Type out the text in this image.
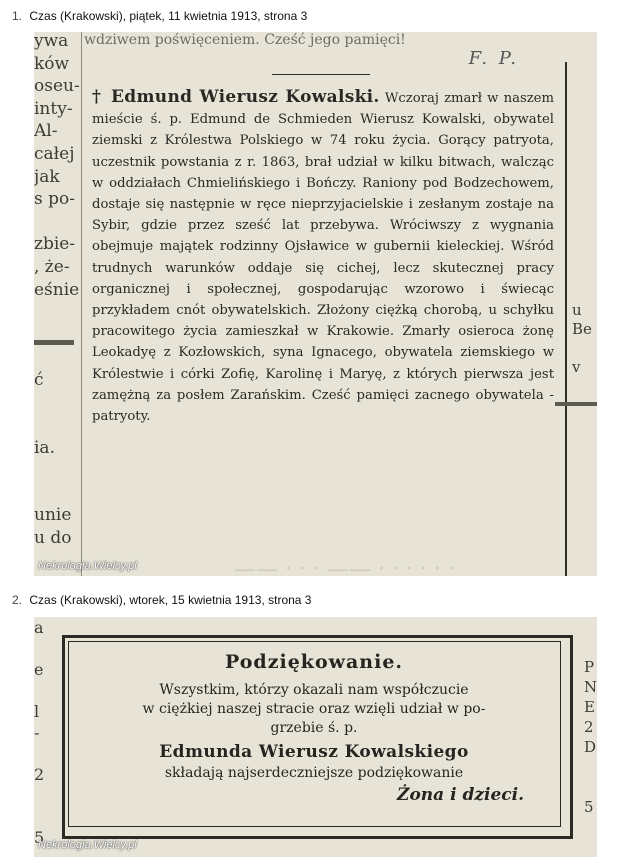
1. Czas (Krakowski), piątek, 11 kwietnia 1913, strona 3
wdziwem poświęceniem. Cześć jego pamięci!
F. P.
ywa
ków
oseu-
inty-
Al-
całej
jak
s po-

zbie-
, że-
eśnie

ć

ia.

unie
u do

u
Be

v
† Edmund Wierusz Kowalski. Wczoraj zmarł w naszem mieście ś. p. Edmund de Schmieden Wierusz Kowalski, obywatel ziemski z Królestwa Polskiego w 74 roku życia. Gorący patryota, uczestnik powstania z r. 1863, brał udział w kilku bitwach, walcząc w oddziałach Chmielińskiego i Bończy. Raniony pod Bodzechowem, dostaje się następnie w ręce nieprzyjacielskie i zesłanym zostaje na Sybir, gdzie przez sześć lat przebywa. Wróciwszy z wygnania obejmuje majątek rodzinny Ojsławice w gubernii kieleckiej. Wśród trudnych warunków oddaje się cichej, lecz skutecznej pracy organicznej i społecznej, gospodarując wzorowo i świecąc przykładem cnót obywatelskich. Złożony ciężką chorobą, u schyłku pracowitego życia zamieszkał w Krakowie. Zmarły osieroca żonę Leokadyę z Kozłowskich, syna Ignacego, obywatela ziemskiego w Królestwie i córki Zofię, Karolinę i Maryę, z których pierwsza jest zamężną za posłem Zarańskim. Cześć pamięci zacnego obywatela - patryoty.
—— · · · —— · · · · · ·
Nekrologia.Wielcy.pl
2. Czas (Krakowski), wtorek, 15 kwietnia 1913, strona 3
a

e

l
-

2

5

P
N
E
2
D

5
Podziękowanie.
Wszystkim, którzy okazali nam współczucie
w ciężkiej naszej stracie oraz wzięli udział w po-
grzebie ś. p.
Edmunda Wierusz Kowalskiego
składają najserdeczniejsze podziękowanie
Żona i dzieci.
Nekrologia.Wielcy.pl
